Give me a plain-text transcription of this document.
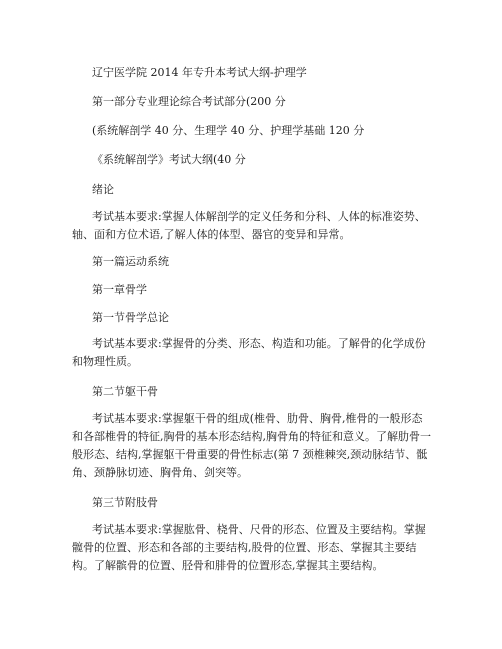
辽宁医学院 2014 年专升本考试大纲-护理学
第一部分专业理论综合考试部分(200 分
(系统解剖学 40 分、生理学 40 分、护理学基础 120 分
《系统解剖学》考试大纲(40 分
绪论
考试基本要求:掌握人体解剖学的定义任务和分科、人体的标准姿势、轴、面和方位术语,了解人体的体型、器官的变异和异常。
第一篇运动系统
第一章骨学
第一节骨学总论
考试基本要求:掌握骨的分类、形态、构造和功能。了解骨的化学成份和物理性质。
第二节躯干骨
考试基本要求:掌握躯干骨的组成(椎骨、肋骨、胸骨,椎骨的一般形态和各部椎骨的特征,胸骨的基本形态结构,胸骨角的特征和意义。了解肋骨一般形态、结构,掌握躯干骨重要的骨性标志(第 7 颈椎棘突,颈动脉结节、骶角、颈静脉切迹、胸骨角、剑突等。
第三节附肢骨
考试基本要求:掌握肱骨、桡骨、尺骨的形态、位置及主要结构。掌握髋骨的位置、形态和各部的主要结构,股骨的位置、形态、掌握其主要结构。了解髌骨的位置、胫骨和腓骨的位置形态,掌握其主要结构。
